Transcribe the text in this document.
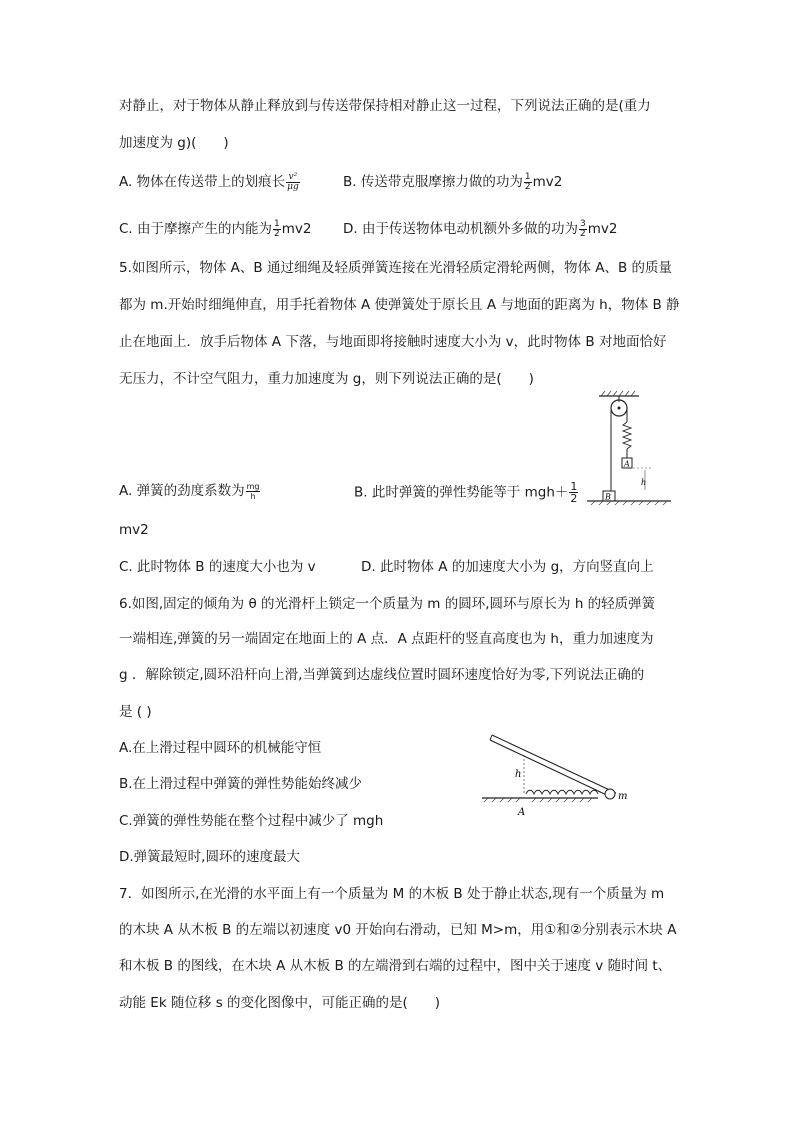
对静止，对于物体从静止释放到与传送带保持相对静止这一过程，下列说法正确的是(重力
加速度为 g)(　　)
A. 物体在传送带上的划痕长 $\frac{\text{v²}}{\mu g}$	B. 传送带克服摩擦力做的功为 $\frac{1}{2} mv2$
C. 由于摩擦产生的内能为 $\frac{1}{2} mv2$ D. 由于传送物体电动机额外多做的功为 $\frac{3}{2} mv2$
5.如图所示，物体 A、B 通过细绳及轻质弹簧连接在光滑轻质定滑轮两侧，物体 A、B 的质量
都为 m.开始时细绳伸直，用手托着物体 A 使弹簧处于原长且 A 与地面的距离为 h，物体 B 静
止在地面上．放手后物体 A 下落，与地面即将接触时速度大小为 v，此时物体 B 对地面恰好
无压力，不计空气阻力，重力加速度为 g，则下列说法正确的是(　　)
A
h
B
A. 弹簧的劲度系数为 $\frac{mg}{h}$	B. 此时弹簧的弹性势能等于 $mgh+ \frac{1}{2}$
mv2
C. 此时物体 B 的速度大小也为 v	D. 此时物体 A 的加速度大小为 g，方向竖直向上
6.如图,固定的倾角为 θ 的光滑杆上锁定一个质量为 m 的圆环,圆环与原长为 h 的轻质弹簧
一端相连,弹簧的另一端固定在地面上的 A 点．A 点距杆的竖直高度也为 h，重力加速度为
g ．解除锁定,圆环沿杆向上滑,当弹簧到达虚线位置时圆环速度恰好为零,下列说法正确的
是 ( )
A.在上滑过程中圆环的机械能守恒
B.在上滑过程中弹簧的弹性势能始终减少
C.弹簧的弹性势能在整个过程中减少了 mgh
D.弹簧最短时,圆环的速度最大
h
m
A
7．如图所示,在光滑的水平面上有一个质量为 M 的木板 B 处于静止状态,现有一个质量为 m
的木块 A 从木板 B 的左端以初速度 v0 开始向右滑动，已知 M>m，用①和②分别表示木块 A
和木板 B 的图线，在木块 A 从木板 B 的左端滑到右端的过程中，图中关于速度 v 随时间 t、
动能 Ek 随位移 s 的变化图像中，可能正确的是(　　)
